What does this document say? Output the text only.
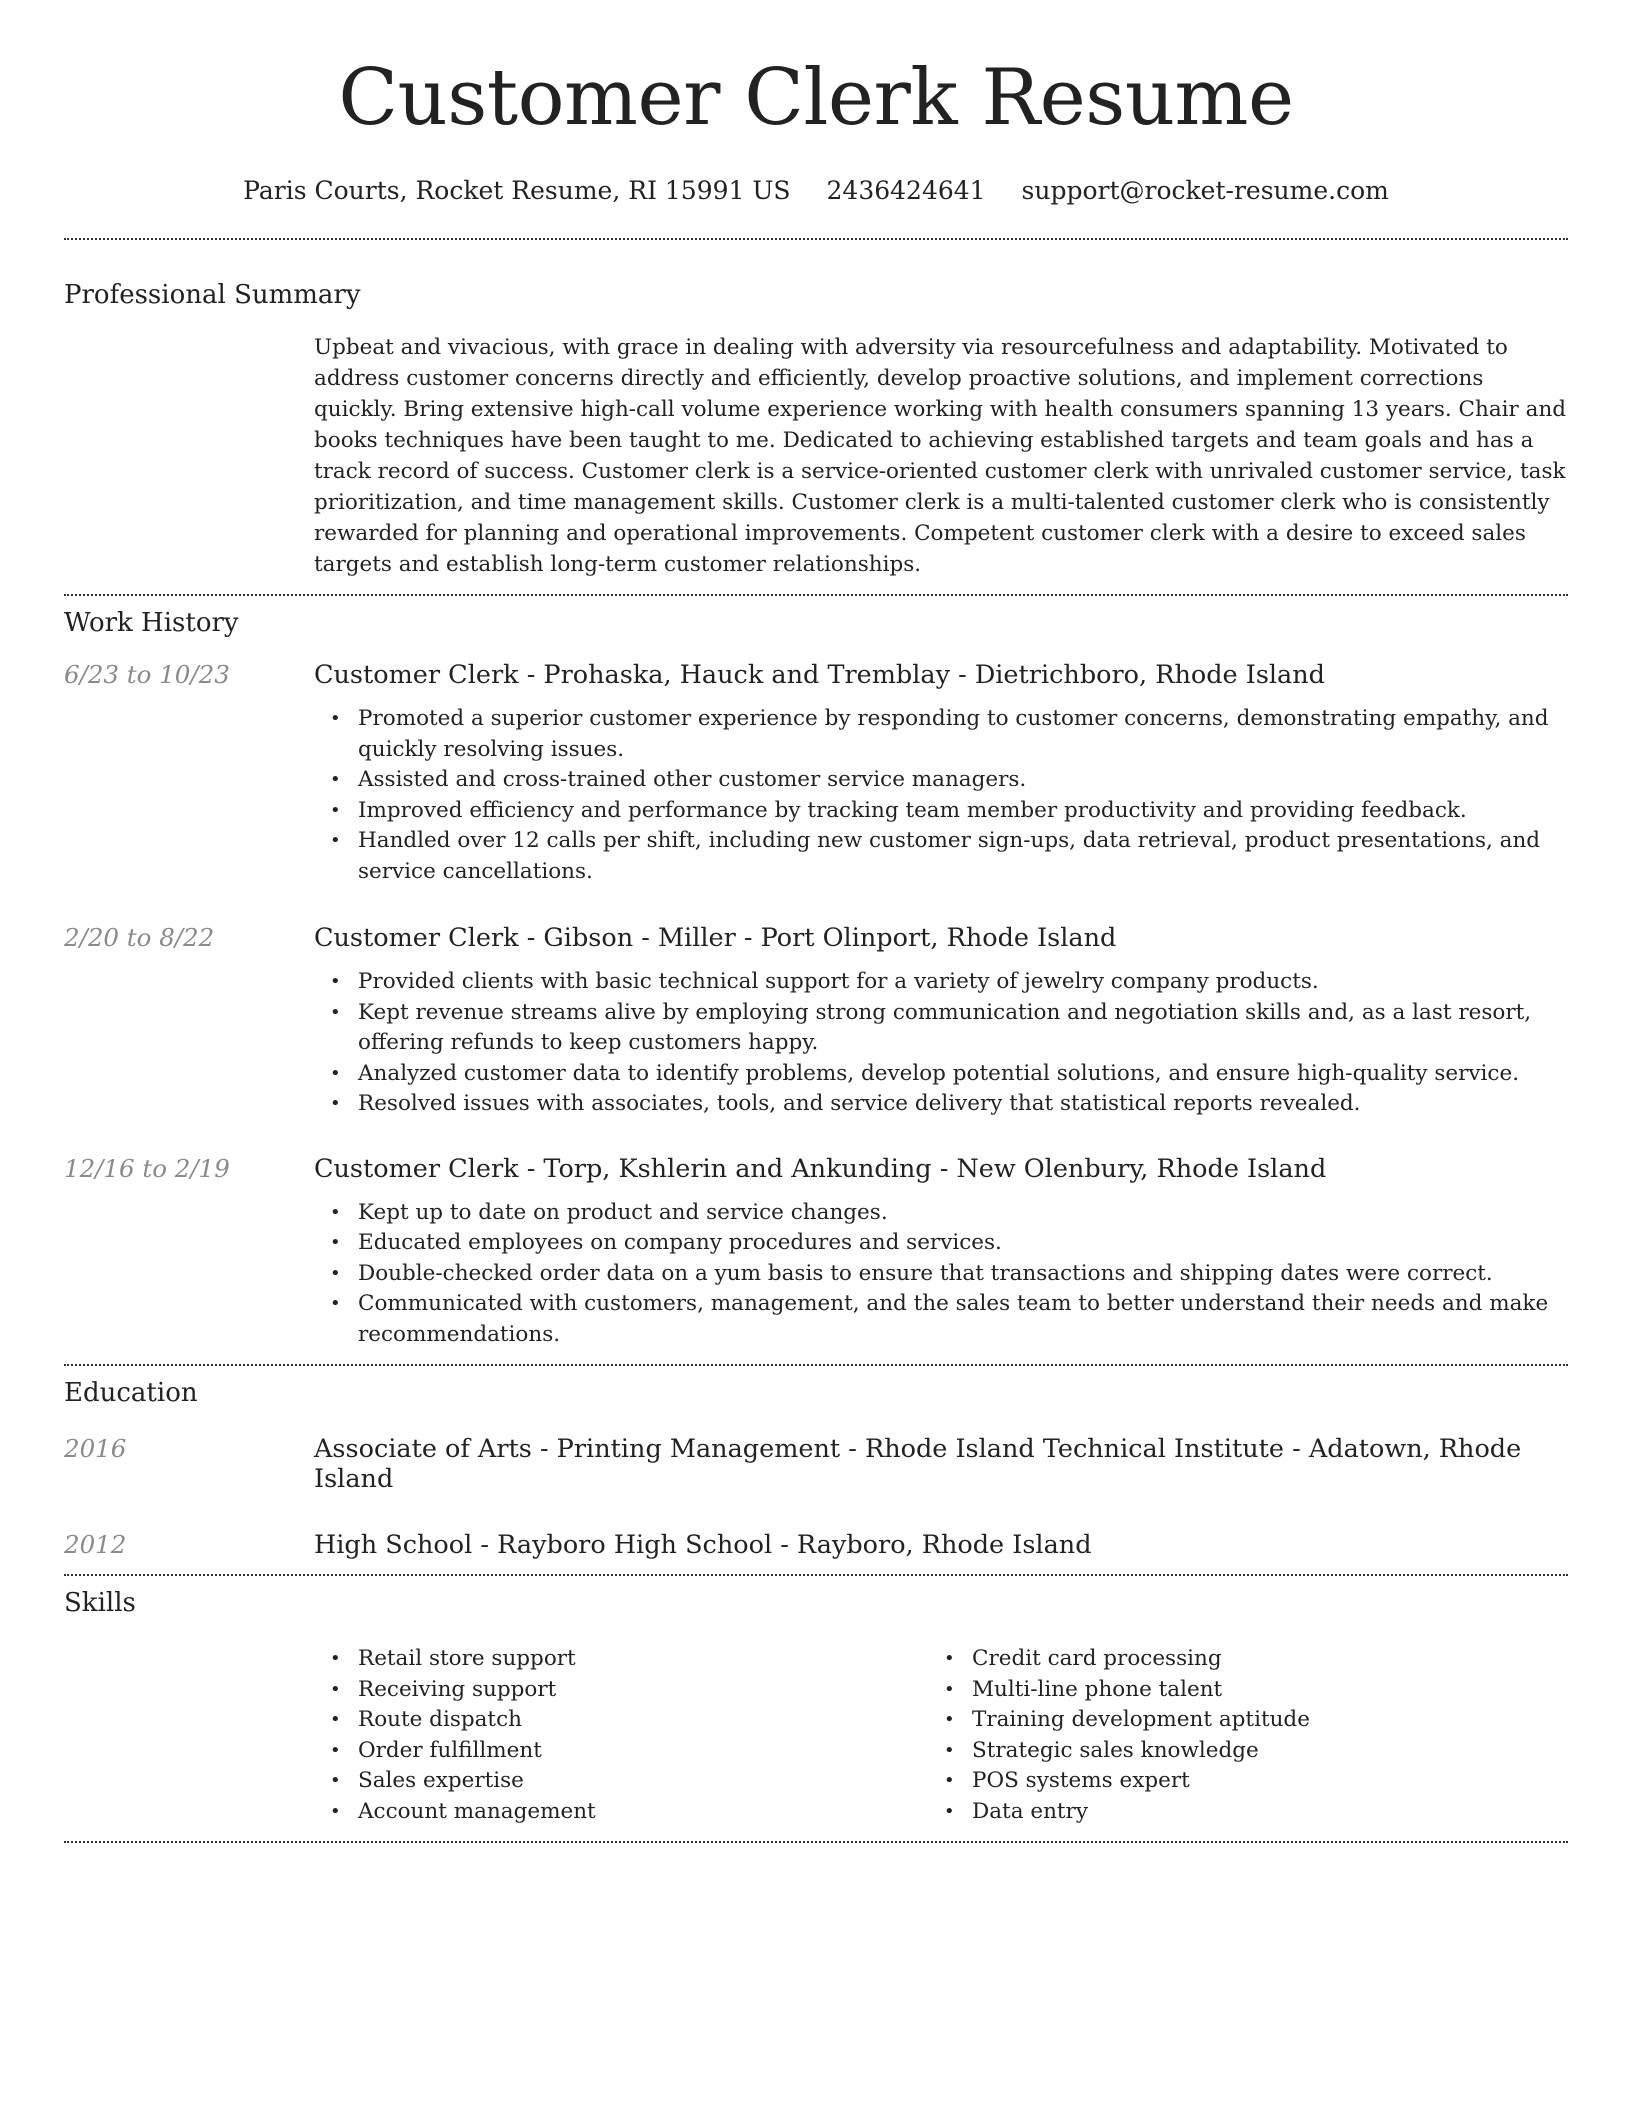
Customer Clerk Resume
Paris Courts, Rocket Resume, RI 15991 US 2436424641 support@rocket-resume.com
Professional Summary

Upbeat and vivacious, with grace in dealing with adversity via resourcefulness and adaptability. Motivated to address customer concerns directly and efficiently, develop proactive solutions, and implement corrections quickly. Bring extensive high-call volume experience working with health consumers spanning 13 years. Chair and books techniques have been taught to me. Dedicated to achieving established targets and team goals and has a track record of success. Customer clerk is a service-oriented customer clerk with unrivaled customer service, task prioritization, and time management skills. Customer clerk is a multi-talented customer clerk who is consistently rewarded for planning and operational improvements. Competent customer clerk with a desire to exceed sales targets and establish long-term customer relationships.

Work History
6/23 to 10/23	Customer Clerk - Prohaska, Hauck and Tremblay - Dietrichboro, Rhode Island
• Promoted a superior customer experience by responding to customer concerns, demonstrating empathy, and quickly resolving issues.
• Assisted and cross-trained other customer service managers.
• Improved efficiency and performance by tracking team member productivity and providing feedback.
• Handled over 12 calls per shift, including new customer sign-ups, data retrieval, product presentations, and service cancellations.
2/20 to 8/22	Customer Clerk - Gibson - Miller - Port Olinport, Rhode Island
• Provided clients with basic technical support for a variety of jewelry company products.
• Kept revenue streams alive by employing strong communication and negotiation skills and, as a last resort, offering refunds to keep customers happy.
• Analyzed customer data to identify problems, develop potential solutions, and ensure high-quality service.
• Resolved issues with associates, tools, and service delivery that statistical reports revealed.
12/16 to 2/19	Customer Clerk - Torp, Kshlerin and Ankunding - New Olenbury, Rhode Island
• Kept up to date on product and service changes.
• Educated employees on company procedures and services.
• Double-checked order data on a yum basis to ensure that transactions and shipping dates were correct.
• Communicated with customers, management, and the sales team to better understand their needs and make recommendations.
Education
2016	Associate of Arts - Printing Management - Rhode Island Technical Institute - Adatown, Rhode Island
2012	High School - Rayboro High School - Rayboro, Rhode Island
Skills
• Retail store support
• Receiving support
• Route dispatch
• Order fulfillment
• Sales expertise
• Account management
• Credit card processing
• Multi-line phone talent
• Training development aptitude
• Strategic sales knowledge
• POS systems expert
• Data entry
